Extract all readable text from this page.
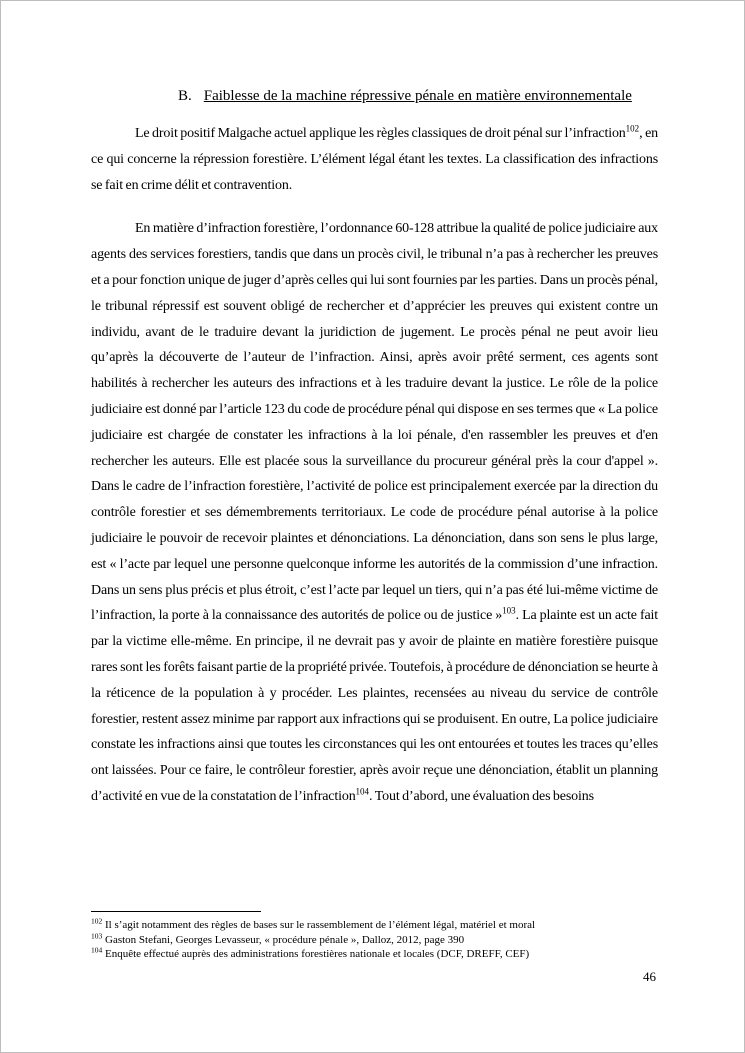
B. Faiblesse de la machine répressive pénale en matière environnementale

Le droit positif Malgache actuel applique les règles classiques de droit pénal sur l’infraction$^{102}$, en ce qui concerne la répression forestière. L’élément légal étant les textes. La classification des infractions se fait en crime délit et contravention.

En matière d’infraction forestière, l’ordonnance 60-128 attribue la qualité de police judiciaire aux agents des services forestiers, tandis que dans un procès civil, le tribunal n’a pas à rechercher les preuves et a pour fonction unique de juger d’après celles qui lui sont fournies par les parties. Dans un procès pénal, le tribunal répressif est souvent obligé de rechercher et d’apprécier les preuves qui existent contre un individu, avant de le traduire devant la juridiction de jugement. Le procès pénal ne peut avoir lieu qu’après la découverte de l’auteur de l’infraction. Ainsi, après avoir prêté serment, ces agents sont habilités à rechercher les auteurs des infractions et à les traduire devant la justice. Le rôle de la police judiciaire est donné par l’article 123 du code de procédure pénal qui dispose en ses termes que « La police judiciaire est chargée de constater les infractions à la loi pénale, d'en rassembler les preuves et d'en rechercher les auteurs. Elle est placée sous la surveillance du procureur général près la cour d'appel ». Dans le cadre de l’infraction forestière, l’activité de police est principalement exercée par la direction du contrôle forestier et ses démembrements territoriaux. Le code de procédure pénal autorise à la police judiciaire le pouvoir de recevoir plaintes et dénonciations. La dénonciation, dans son sens le plus large, est « l’acte par lequel une personne quelconque informe les autorités de la commission d’une infraction. Dans un sens plus précis et plus étroit, c’est l’acte par lequel un tiers, qui n’a pas été lui-même victime de l’infraction, la porte à la connaissance des autorités de police ou de justice »$^{103}$. La plainte est un acte fait par la victime elle-même. En principe, il ne devrait pas y avoir de plainte en matière forestière puisque rares sont les forêts faisant partie de la propriété privée. Toutefois, à procédure de dénonciation se heurte à la réticence de la population à y procéder. Les plaintes, recensées au niveau du service de contrôle forestier, restent assez minime par rapport aux infractions qui se produisent. En outre, La police judiciaire constate les infractions ainsi que toutes les circonstances qui les ont entourées et toutes les traces qu’elles ont laissées. Pour ce faire, le contrôleur forestier, après avoir reçue une dénonciation, établit un planning d’activité en vue de la constatation de l’infraction$^{104}$. Tout d’abord, une évaluation des besoins

$^{102}$ Il s’agit notamment des règles de bases sur le rassemblement de l’élément légal, matériel et moral
$^{103}$ Gaston Stefani, Georges Levasseur, « procédure pénale », Dalloz, 2012, page 390
$^{104}$ Enquête effectué auprès des administrations forestières nationale et locales (DCF, DREFF, CEF)
46
